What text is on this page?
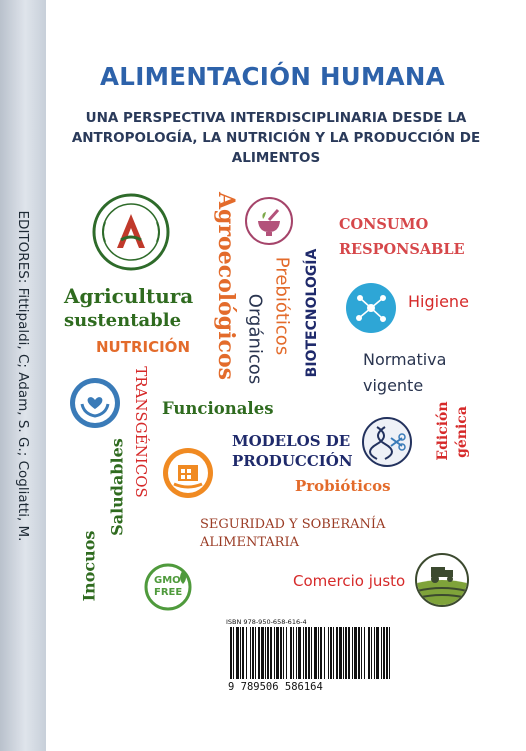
EDITORES: Fittipaldi, C; Adam, S. G.; Cogliatti, M.
ALIMENTACIÓN HUMANA
UNA PERSPECTIVA INTERDISCIPLINARIA DESDE LA ANTROPOLOGÍA, LA NUTRICIÓN Y LA PRODUCCIÓN DE ALIMENTOS
Agroecológicos Prebióticos
Orgánicos	BIOTECNOLOGÍA
CONSUMO
RESPONSABLE
Higiene
Agricultura
sustentable
NUTRICIÓN
Normativa
vigente
TRANSGÉNICOS Funcionales
MODELOS DE
PRODUCCIÓN
Edición génica
Saludables	Probióticos
Inocuos
SEGURIDAD Y SOBERANÍA
ALIMENTARIA
GMO
FREE
Comercio justo
ISBN 978-950-658-616-4
9 789506 586164
